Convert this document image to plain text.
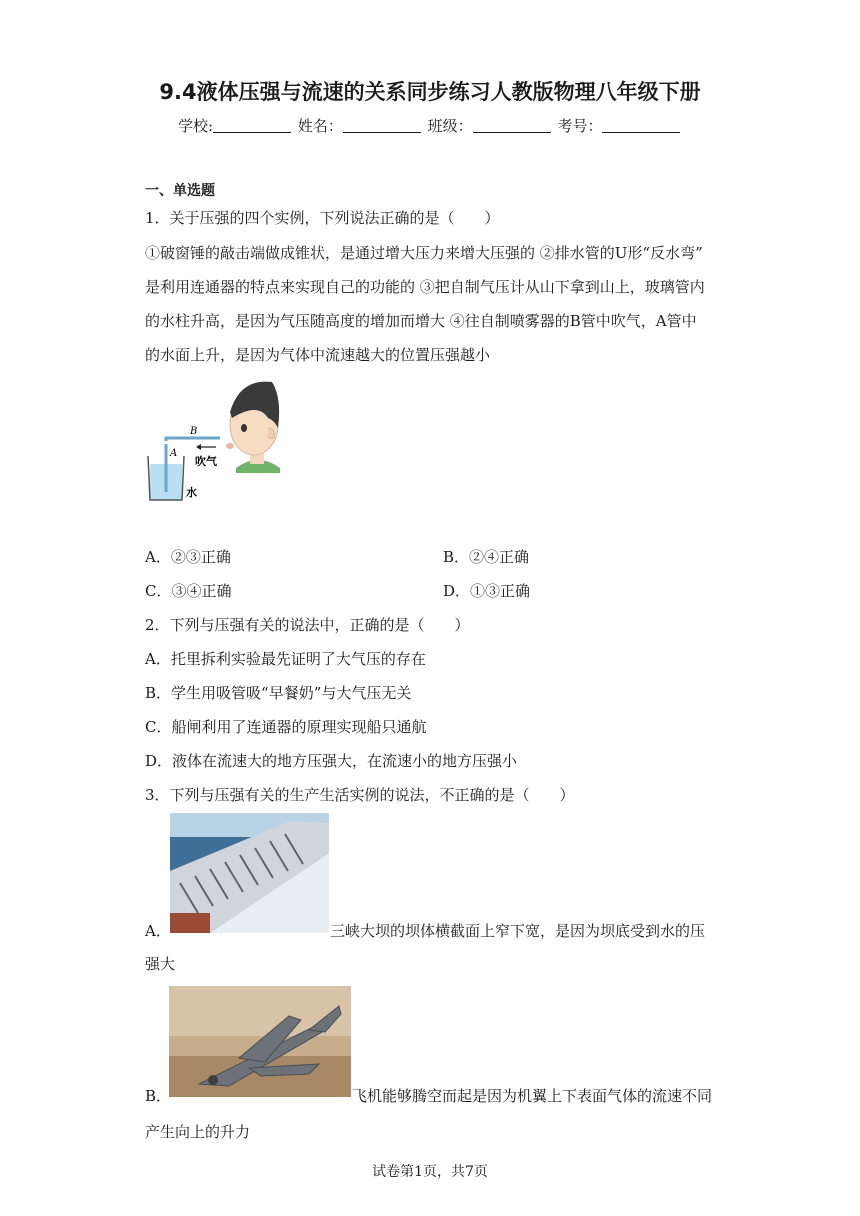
9.4液体压强与流速的关系同步练习人教版物理八年级下册
学校:	姓名：	班级：	考号：
一、单选题
1．关于压强的四个实例，下列说法正确的是（　　）
①破窗锤的敲击端做成锥状，是通过增大压力来增大压强的 ②排水管的U形“反水弯”
是利用连通器的特点来实现自己的功能的 ③把自制气压计从山下拿到山上，玻璃管内
的水柱升高，是因为气压随高度的增加而增大 ④往自制喷雾器的B管中吹气，A管中
的水面上升，是因为气体中流速越大的位置压强越小
B
A
吹气
水
A．②③正确	B．②④正确
C．③④正确	D．①③正确
2．下列与压强有关的说法中，正确的是（　　）
A．托里拆利实验最先证明了大气压的存在
B．学生用吸管吸“早餐奶”与大气压无关
C．船闸利用了连通器的原理实现船只通航
D．液体在流速大的地方压强大，在流速小的地方压强小
3．下列与压强有关的生产生活实例的说法，不正确的是（　　）
A．	三峡大坝的坝体横截面上窄下宽，是因为坝底受到水的压
强大
B．	飞机能够腾空而起是因为机翼上下表面气体的流速不同
产生向上的升力
试卷第1页，共7页
